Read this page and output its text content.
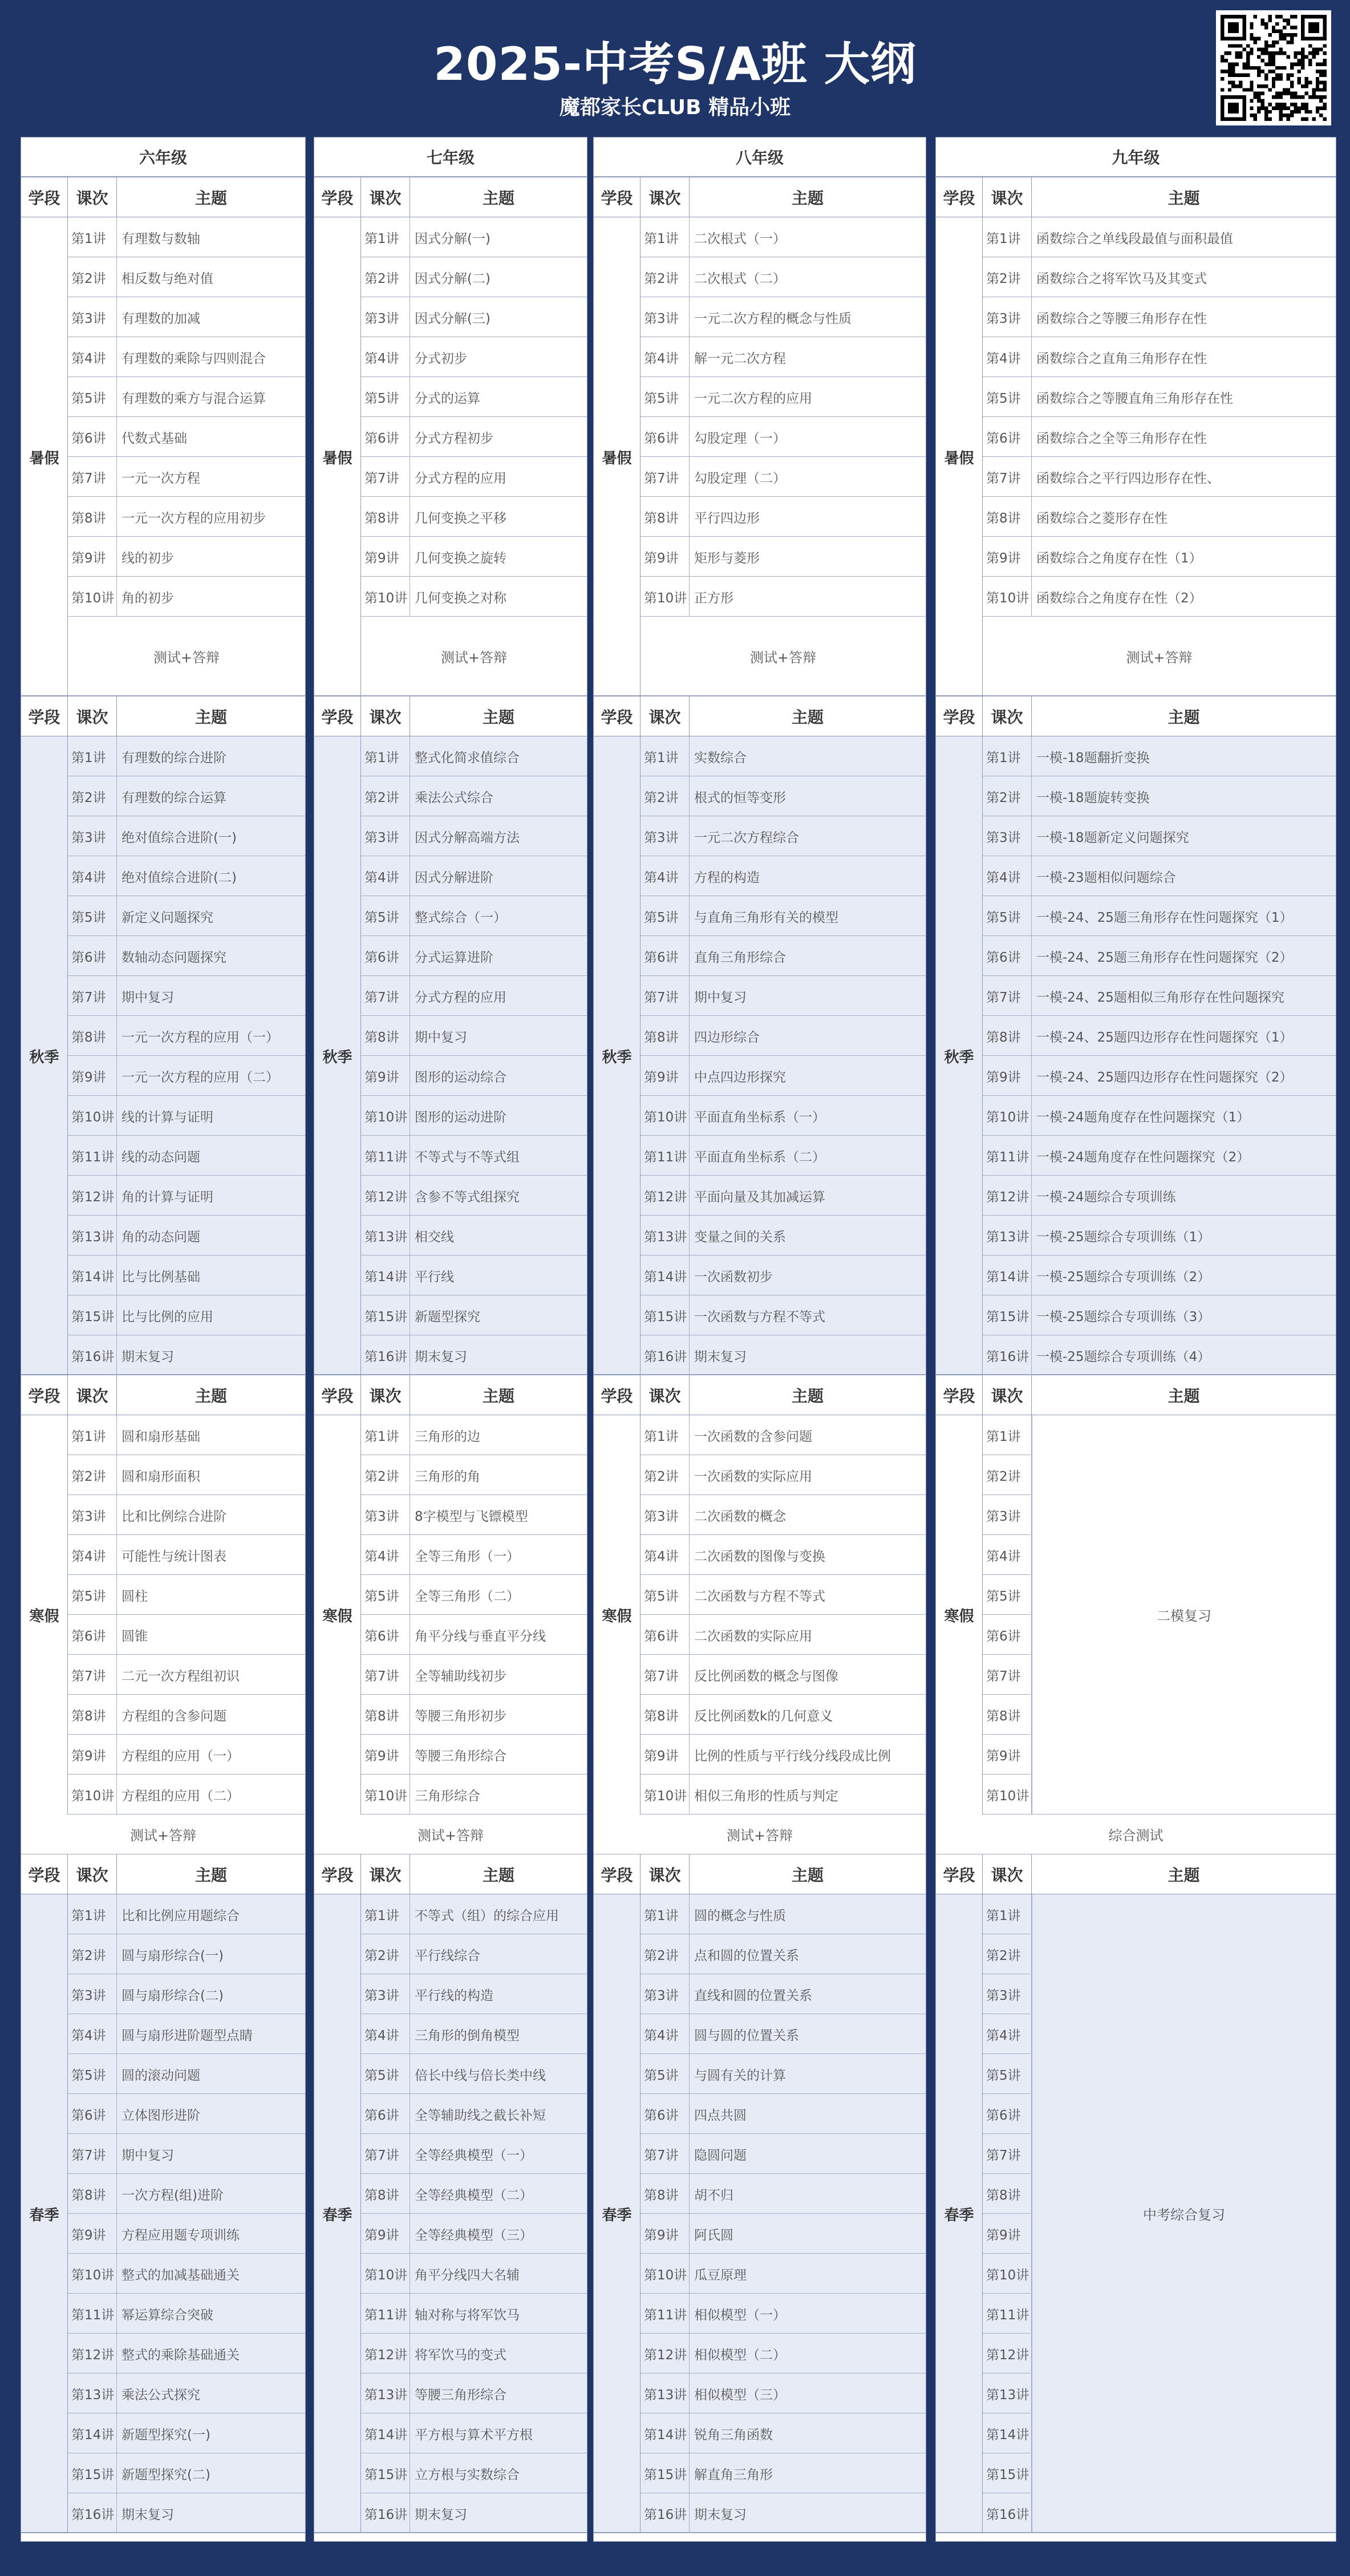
2025-中考S/A班 大纲
魔都家长CLUB 精品小班
六年级
学段 课次	主题
暑假
第1讲	有理数与数轴
第2讲	相反数与绝对值
第3讲	有理数的加减
第4讲	有理数的乘除与四则混合
第5讲	有理数的乘方与混合运算
第6讲	代数式基础
第7讲	一元一次方程
第8讲	一元一次方程的应用初步
第9讲	线的初步
第10讲 角的初步
测试+答辩
学段 课次	主题
秋季
第1讲	有理数的综合进阶
第2讲	有理数的综合运算
第3讲	绝对值综合进阶(一)
第4讲	绝对值综合进阶(二)
第5讲	新定义问题探究
第6讲	数轴动态问题探究
第7讲	期中复习
第8讲	一元一次方程的应用（一）
第9讲	一元一次方程的应用（二）
第10讲 线的计算与证明
第11讲 线的动态问题
第12讲 角的计算与证明
第13讲 角的动态问题
第14讲 比与比例基础
第15讲 比与比例的应用
第16讲 期末复习
学段 课次	主题
寒假
第1讲	圆和扇形基础
第2讲	圆和扇形面积
第3讲	比和比例综合进阶
第4讲	可能性与统计图表
第5讲	圆柱
第6讲	圆锥
第7讲	二元一次方程组初识
第8讲	方程组的含参问题
第9讲	方程组的应用（一）
第10讲 方程组的应用（二）
测试+答辩
学段 课次	主题
春季
第1讲	比和比例应用题综合
第2讲	圆与扇形综合(一)
第3讲	圆与扇形综合(二)
第4讲	圆与扇形进阶题型点睛
第5讲	圆的滚动问题
第6讲	立体图形进阶
第7讲	期中复习
第8讲	一次方程(组)进阶
第9讲	方程应用题专项训练
第10讲 整式的加减基础通关
第11讲 幂运算综合突破
第12讲 整式的乘除基础通关
第13讲 乘法公式探究
第14讲 新题型探究(一)
第15讲 新题型探究(二)
第16讲 期末复习
七年级
学段 课次	主题
暑假
第1讲	因式分解(一)
第2讲	因式分解(二)
第3讲	因式分解(三)
第4讲	分式初步
第5讲	分式的运算
第6讲	分式方程初步
第7讲	分式方程的应用
第8讲	几何变换之平移
第9讲	几何变换之旋转
第10讲 几何变换之对称
测试+答辩
学段 课次	主题
秋季
第1讲	整式化简求值综合
第2讲	乘法公式综合
第3讲	因式分解高端方法
第4讲	因式分解进阶
第5讲	整式综合（一）
第6讲	分式运算进阶
第7讲	分式方程的应用
第8讲	期中复习
第9讲	图形的运动综合
第10讲 图形的运动进阶
第11讲 不等式与不等式组
第12讲 含参不等式组探究
第13讲 相交线
第14讲 平行线
第15讲 新题型探究
第16讲 期末复习
学段 课次	主题
寒假
第1讲	三角形的边
第2讲	三角形的角
第3讲	8字模型与飞镖模型
第4讲	全等三角形（一）
第5讲	全等三角形（二）
第6讲	角平分线与垂直平分线
第7讲	全等辅助线初步
第8讲	等腰三角形初步
第9讲	等腰三角形综合
第10讲 三角形综合
测试+答辩
学段 课次	主题
春季
第1讲	不等式（组）的综合应用
第2讲	平行线综合
第3讲	平行线的构造
第4讲	三角形的倒角模型
第5讲	倍长中线与倍长类中线
第6讲	全等辅助线之截长补短
第7讲	全等经典模型（一）
第8讲	全等经典模型（二）
第9讲	全等经典模型（三）
第10讲 角平分线四大名辅
第11讲 轴对称与将军饮马
第12讲 将军饮马的变式
第13讲 等腰三角形综合
第14讲 平方根与算术平方根
第15讲 立方根与实数综合
第16讲 期末复习
八年级
学段 课次	主题
暑假
第1讲	二次根式（一）
第2讲	二次根式（二）
第3讲	一元二次方程的概念与性质
第4讲	解一元二次方程
第5讲	一元二次方程的应用
第6讲	勾股定理（一）
第7讲	勾股定理（二）
第8讲	平行四边形
第9讲	矩形与菱形
第10讲 正方形
测试+答辩
学段 课次	主题
秋季
第1讲	实数综合
第2讲	根式的恒等变形
第3讲	一元二次方程综合
第4讲	方程的构造
第5讲	与直角三角形有关的模型
第6讲	直角三角形综合
第7讲	期中复习
第8讲	四边形综合
第9讲	中点四边形探究
第10讲 平面直角坐标系（一）
第11讲 平面直角坐标系（二）
第12讲 平面向量及其加减运算
第13讲 变量之间的关系
第14讲 一次函数初步
第15讲 一次函数与方程不等式
第16讲 期末复习
学段 课次	主题
寒假
第1讲	一次函数的含参问题
第2讲	一次函数的实际应用
第3讲	二次函数的概念
第4讲	二次函数的图像与变换
第5讲	二次函数与方程不等式
第6讲	二次函数的实际应用
第7讲	反比例函数的概念与图像
第8讲	反比例函数k的几何意义
第9讲	比例的性质与平行线分线段成比例
第10讲 相似三角形的性质与判定
测试+答辩
学段 课次	主题
春季
第1讲	圆的概念与性质
第2讲	点和圆的位置关系
第3讲	直线和圆的位置关系
第4讲	圆与圆的位置关系
第5讲	与圆有关的计算
第6讲	四点共圆
第7讲	隐圆问题
第8讲	胡不归
第9讲	阿氏圆
第10讲 瓜豆原理
第11讲 相似模型（一）
第12讲 相似模型（二）
第13讲 相似模型（三）
第14讲 锐角三角函数
第15讲 解直角三角形
第16讲 期末复习
九年级
学段 课次	主题
暑假
第1讲	函数综合之单线段最值与面积最值
第2讲	函数综合之将军饮马及其变式
第3讲	函数综合之等腰三角形存在性
第4讲	函数综合之直角三角形存在性
第5讲	函数综合之等腰直角三角形存在性
第6讲	函数综合之全等三角形存在性
第7讲	函数综合之平行四边形存在性、
第8讲	函数综合之菱形存在性
第9讲	函数综合之角度存在性（1）
第10讲 函数综合之角度存在性（2）
测试+答辩
学段 课次	主题
秋季
第1讲	一模-18题翻折变换
第2讲	一模-18题旋转变换
第3讲	一模-18题新定义问题探究
第4讲	一模-23题相似问题综合
第5讲	一模-24、25题三角形存在性问题探究（1）
第6讲	一模-24、25题三角形存在性问题探究（2）
第7讲	一模-24、25题相似三角形存在性问题探究
第8讲	一模-24、25题四边形存在性问题探究（1）
第9讲	一模-24、25题四边形存在性问题探究（2）
第10讲 一模-24题角度存在性问题探究（1）
第11讲 一模-24题角度存在性问题探究（2）
第12讲 一模-24题综合专项训练
第13讲 一模-25题综合专项训练（1）
第14讲 一模-25题综合专项训练（2）
第15讲 一模-25题综合专项训练（3）
第16讲 一模-25题综合专项训练（4）
学段 课次	主题
寒假
第1讲
第2讲
第3讲
第4讲
第5讲
第6讲
第7讲
第8讲
第9讲
第10讲
二模复习
综合测试
学段 课次	主题
春季
第1讲
第2讲
第3讲
第4讲
第5讲
第6讲
第7讲
第8讲
第9讲
第10讲
第11讲
第12讲
第13讲
第14讲
第15讲
第16讲
中考综合复习
